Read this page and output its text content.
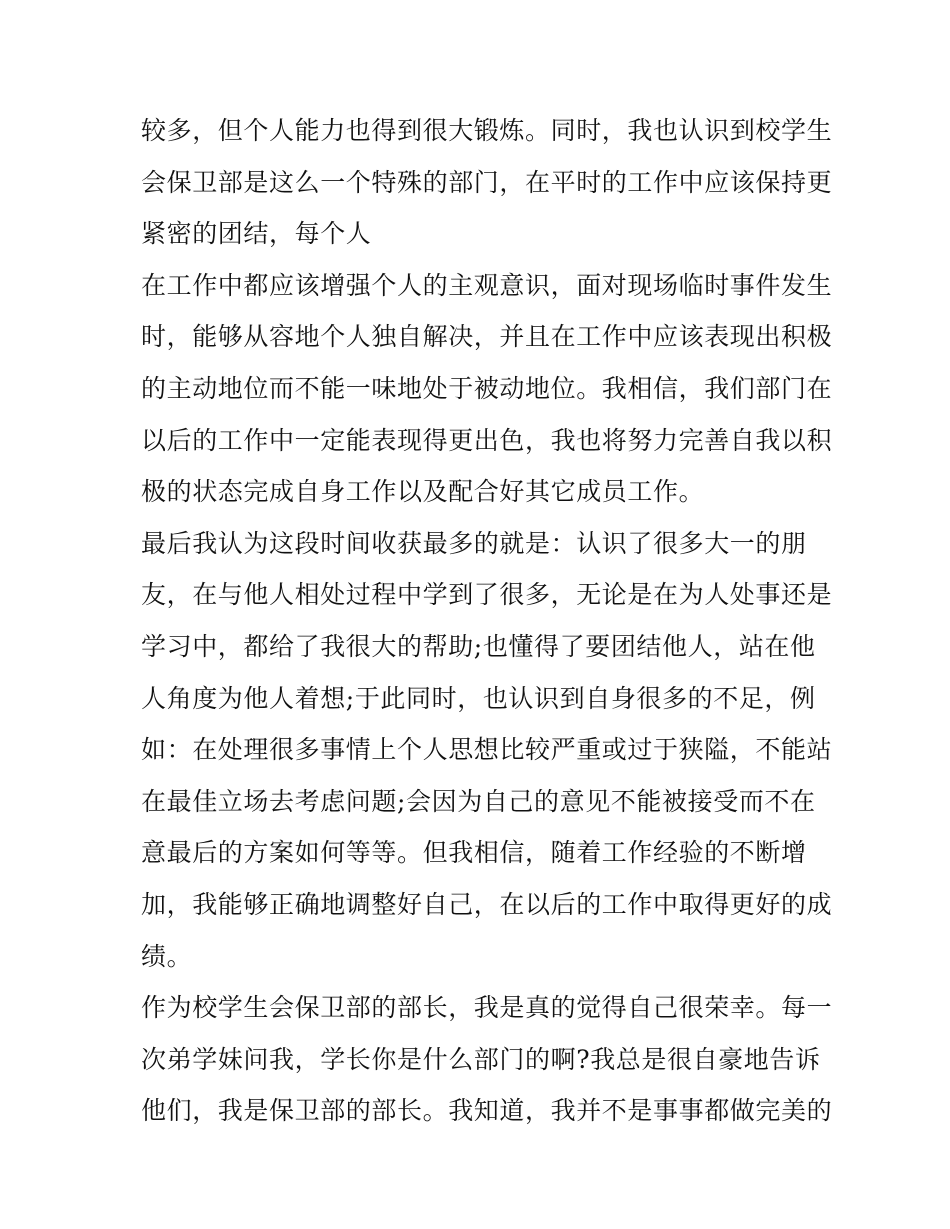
较多，但个人能力也得到很大锻炼。同时，我也认识到校学生
会保卫部是这么一个特殊的部门，在平时的工作中应该保持更
紧密的团结，每个人
在工作中都应该增强个人的主观意识，面对现场临时事件发生
时，能够从容地个人独自解决，并且在工作中应该表现出积极
的主动地位而不能一味地处于被动地位。我相信，我们部门在
以后的工作中一定能表现得更出色，我也将努力完善自我以积
极的状态完成自身工作以及配合好其它成员工作。
最后我认为这段时间收获最多的就是：认识了很多大一的朋
友，在与他人相处过程中学到了很多，无论是在为人处事还是
学习中，都给了我很大的帮助;也懂得了要团结他人，站在他
人角度为他人着想;于此同时，也认识到自身很多的不足，例
如：在处理很多事情上个人思想比较严重或过于狭隘，不能站
在最佳立场去考虑问题;会因为自己的意见不能被接受而不在
意最后的方案如何等等。但我相信，随着工作经验的不断增
加，我能够正确地调整好自己，在以后的工作中取得更好的成
绩。
作为校学生会保卫部的部长，我是真的觉得自己很荣幸。每一
次弟学妹问我，学长你是什么部门的啊?我总是很自豪地告诉
他们，我是保卫部的部长。我知道，我并不是事事都做完美的
